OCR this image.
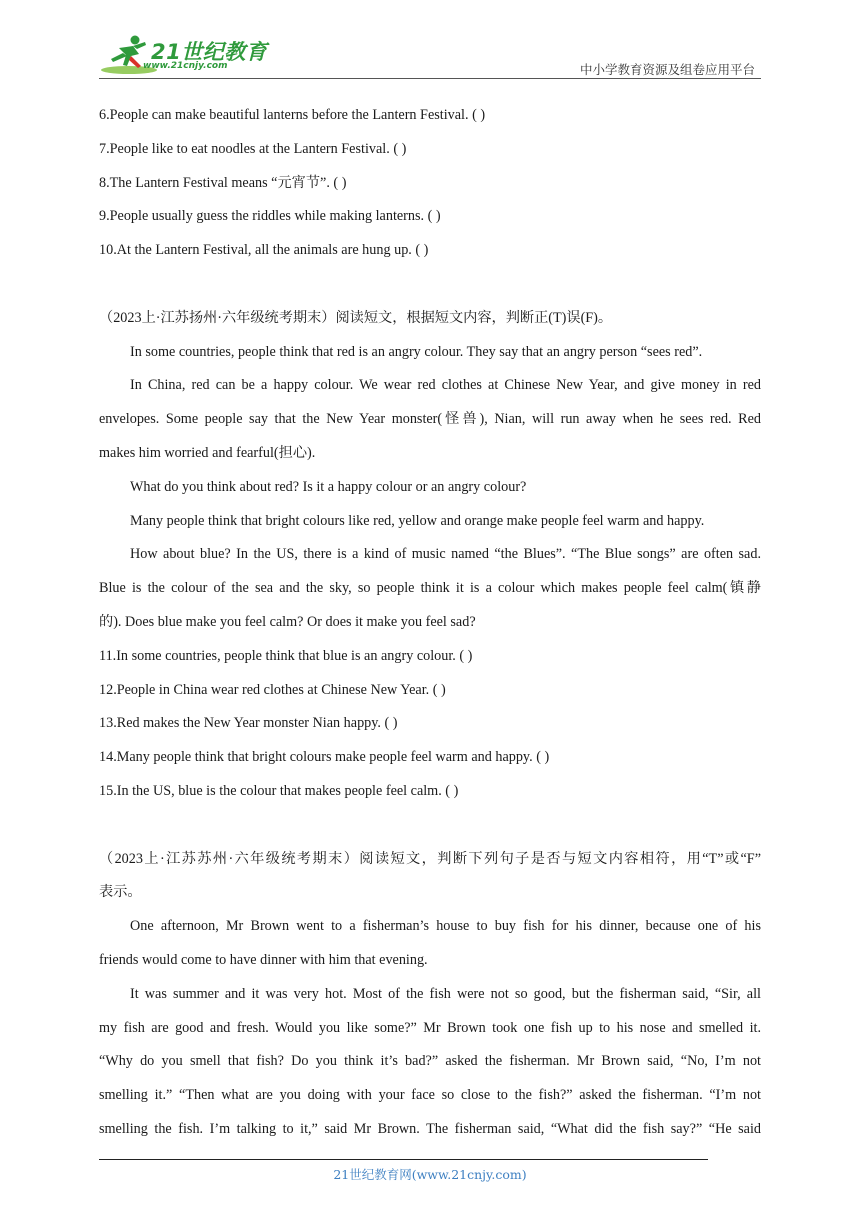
21世纪教育
www.21cnjy.com	中小学教育资源及组卷应用平台
6.People can make beautiful lanterns before the Lantern Festival. ( )
7.People like to eat noodles at the Lantern Festival. ( )
8.The Lantern Festival means “元宵节”. ( )
9.People usually guess the riddles while making lanterns. ( )
10.At the Lantern Festival, all the animals are hung up. ( )
（2023上·江苏扬州·六年级统考期末）阅读短文，根据短文内容，判断正(T)误(F)。
In some countries, people think that red is an angry colour. They say that an angry person “sees red”.
In China, red can be a happy colour. We wear red clothes at Chinese New Year, and give money in red
envelopes. Some people say that the New Year monster(怪兽), Nian, will run away when he sees red. Red
makes him worried and fearful(担心).
What do you think about red? Is it a happy colour or an angry colour?
Many people think that bright colours like red, yellow and orange make people feel warm and happy.
How about blue? In the US, there is a kind of music named “the Blues”. “The Blue songs” are often sad.
Blue is the colour of the sea and the sky, so people think it is a colour which makes people feel calm(镇静
的). Does blue make you feel calm? Or does it make you feel sad?
11.In some countries, people think that blue is an angry colour. ( )
12.People in China wear red clothes at Chinese New Year. ( )
13.Red makes the New Year monster Nian happy. ( )
14.Many people think that bright colours make people feel warm and happy. ( )
15.In the US, blue is the colour that makes people feel calm. ( )
（2023上·江苏苏州·六年级统考期末）阅读短文，判断下列句子是否与短文内容相符，用“T”或“F”
表示。
One afternoon, Mr Brown went to a fisherman’s house to buy fish for his dinner, because one of his
friends would come to have dinner with him that evening.
It was summer and it was very hot. Most of the fish were not so good, but the fisherman said, “Sir, all
my fish are good and fresh. Would you like some?” Mr Brown took one fish up to his nose and smelled it.
“Why do you smell that fish? Do you think it’s bad?” asked the fisherman. Mr Brown said, “No, I’m not
smelling it.” “Then what are you doing with your face so close to the fish?” asked the fisherman. “I’m not
smelling the fish. I’m talking to it,” said Mr Brown. The fisherman said, “What did the fish say?” “He said
21世纪教育网(www.21cnjy.com)
